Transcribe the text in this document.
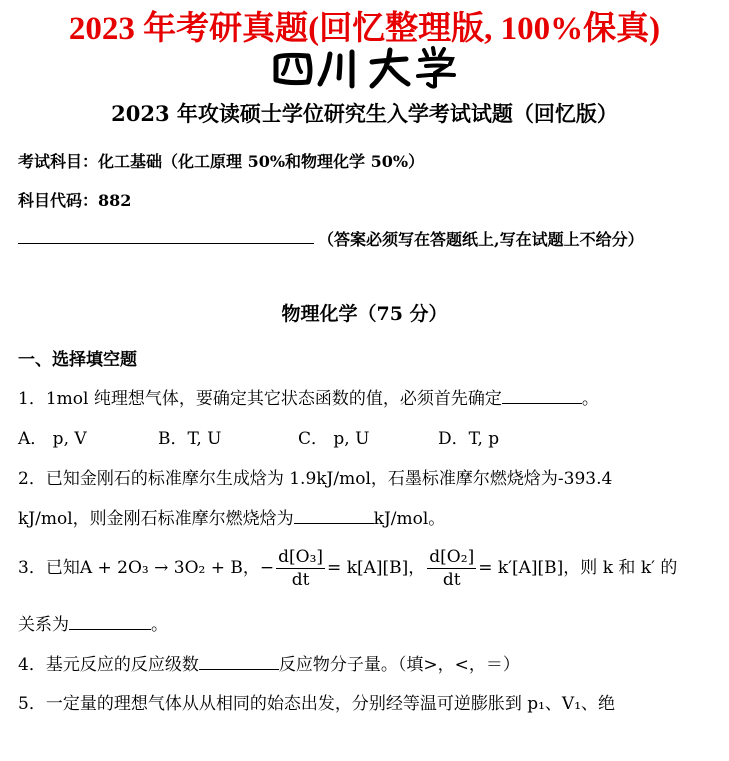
2023 年考研真题(回忆整理版, 100%保真)
2023 年攻读硕士学位研究生入学考试试题（回忆版）
考试科目：化工基础（化工原理 50%和物理化学 50%）
科目代码：882
（答案必须写在答题纸上,写在试题上不给分）
物理化学（75 分）
一、选择填空题
1．1mol 纯理想气体，要确定其它状态函数的值，必须首先确定	。
A． p, V	B．T, U	C． p, U	D．T, p
2．已知金刚石的标准摩尔生成焓为 1.9kJ/mol，石墨标准摩尔燃烧焓为-393.4
kJ/mol，则金刚石标准摩尔燃烧焓为	kJ/mol。
3．已知A + 2O₃ → 3O₂ + B，− $\frac{\text{d[O₃]}}{dt} = k[A][B]$， $\frac{\text{d[O₂]}}{dt} = k'[A][B]$，则 k 和 k′ 的
关系为	。
4．基元反应的反应级数	反应物分子量。（填>，<，＝）
5．一定量的理想气体从从相同的始态出发，分别经等温可逆膨胀到 p₁、V₁、绝
